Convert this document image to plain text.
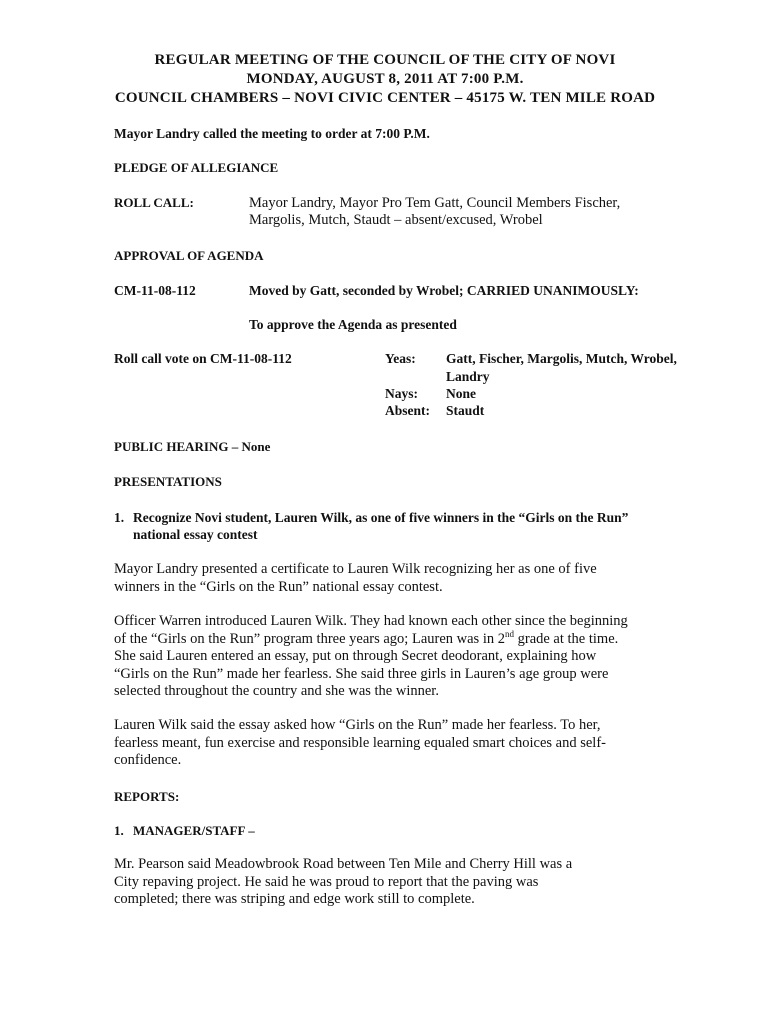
REGULAR MEETING OF THE COUNCIL OF THE CITY OF NOVI
MONDAY, AUGUST 8, 2011 AT 7:00 P.M.
COUNCIL CHAMBERS – NOVI CIVIC CENTER – 45175 W. TEN MILE ROAD
Mayor Landry called the meeting to order at 7:00 P.M.
PLEDGE OF ALLEGIANCE
ROLL CALL:	Mayor Landry, Mayor Pro Tem Gatt, Council Members Fischer,
Margolis, Mutch, Staudt – absent/excused, Wrobel
APPROVAL OF AGENDA
CM-11-08-112	Moved by Gatt, seconded by Wrobel; CARRIED UNANIMOUSLY:
To approve the Agenda as presented
Roll call vote on CM-11-08-112	Yeas: Gatt, Fischer, Margolis, Mutch, Wrobel,
Landry
Nays: None
Absent: Staudt
PUBLIC HEARING – None
PRESENTATIONS
1. Recognize Novi student, Lauren Wilk, as one of five winners in the “Girls on the Run”
national essay contest
Mayor Landry presented a certificate to Lauren Wilk recognizing her as one of five
winners in the “Girls on the Run” national essay contest.
Officer Warren introduced Lauren Wilk. They had known each other since the beginning
of the “Girls on the Run” program three years ago; Lauren was in 2nd grade at the time.
She said Lauren entered an essay, put on through Secret deodorant, explaining how
“Girls on the Run” made her fearless. She said three girls in Lauren’s age group were
selected throughout the country and she was the winner.
Lauren Wilk said the essay asked how “Girls on the Run” made her fearless. To her,
fearless meant, fun exercise and responsible learning equaled smart choices and self-
confidence.
REPORTS:
1. MANAGER/STAFF –
Mr. Pearson said Meadowbrook Road between Ten Mile and Cherry Hill was a
City repaving project. He said he was proud to report that the paving was
completed; there was striping and edge work still to complete.
